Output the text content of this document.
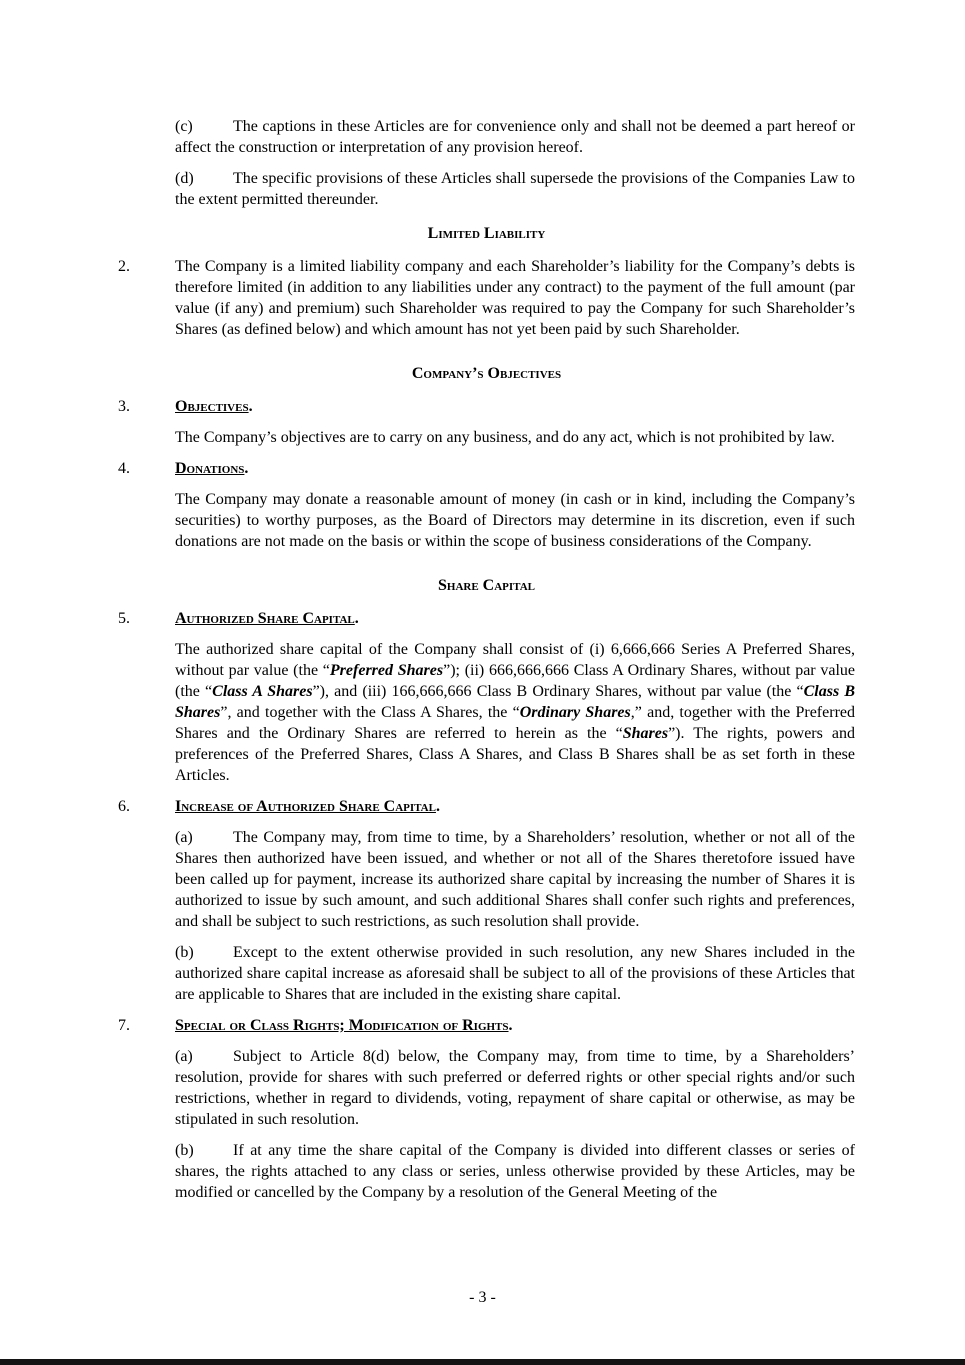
(c)	The captions in these Articles are for convenience only and shall not be deemed a part hereof or affect the construction or interpretation of any provision hereof.

(d) The specific provisions of these Articles shall supersede the provisions of the Companies Law to the extent permitted thereunder.

Limited Liability
2.	The Company is a limited liability company and each Shareholder’s liability for the Company’s debts is therefore limited (in addition to any liabilities under any contract) to the payment of the full amount (par value (if any) and premium) such Shareholder was required to pay the Company for such Shareholder’s Shares (as defined below) and which amount has not yet been paid by such Shareholder.

Company’s Objectives
3.	Objectives.

The Company’s objectives are to carry on any business, and do any act, which is not prohibited by law.

4.	Donations.

The Company may donate a reasonable amount of money (in cash or in kind, including the Company’s securities) to worthy purposes, as the Board of Directors may determine in its discretion, even if such donations are not made on the basis or within the scope of business considerations of the Company.

Share Capital
5.	Authorized Share Capital.

The authorized share capital of the Company shall consist of (i) 6,666,666 Series A Preferred Shares, without par value (the “Preferred Shares”); (ii) 666,666,666 Class A Ordinary Shares, without par value (the “Class A Shares”), and (iii) 166,666,666 Class B Ordinary Shares, without par value (the “Class B Shares”, and together with the Class A Shares, the “Ordinary Shares,” and, together with the Preferred Shares and the Ordinary Shares are referred to herein as the “Shares”). The rights, powers and preferences of the Preferred Shares, Class A Shares, and Class B Shares shall be as set forth in these Articles.

6.	Increase of Authorized Share Capital.

(a)	The Company may, from time to time, by a Shareholders’ resolution, whether or not all of the Shares then authorized have been issued, and whether or not all of the Shares theretofore issued have been called up for payment, increase its authorized share capital by increasing the number of Shares it is authorized to issue by such amount, and such additional Shares shall confer such rights and preferences, and shall be subject to such restrictions, as such resolution shall provide.

(b) Except to the extent otherwise provided in such resolution, any new Shares included in the authorized share capital increase as aforesaid shall be subject to all of the provisions of these Articles that are applicable to Shares that are included in the existing share capital.

7.	Special or Class Rights; Modification of Rights.

(a)	Subject to Article 8(d) below, the Company may, from time to time, by a Shareholders’ resolution, provide for shares with such preferred or deferred rights or other special rights and/or such restrictions, whether in regard to dividends, voting, repayment of share capital or otherwise, as may be stipulated in such resolution.

(b) If at any time the share capital of the Company is divided into different classes or series of shares, the rights attached to any class or series, unless otherwise provided by these Articles, may be modified or cancelled by the Company by a resolution of the General Meeting of the

- 3 -
